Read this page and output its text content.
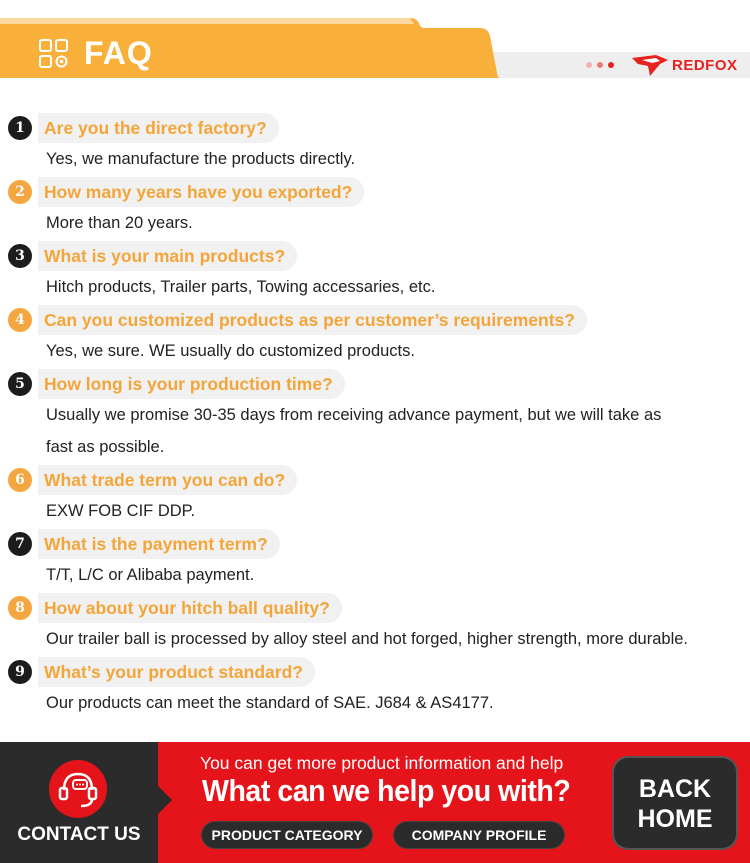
FAQ	REDFOX
1	Are you the direct factory?
Yes, we manufacture the products directly.
2	How many years have you exported?
More than 20 years.
3	What is your main products?
Hitch products, Trailer parts, Towing accessaries, etc.
4	Can you customized products as per customer’s requirements?
Yes, we sure. WE usually do customized products.
5	How long is your production time?
Usually we promise 30-35 days from receiving advance payment, but we will take as
fast as possible.
6	What trade term you can do?
EXW FOB CIF DDP.
7	What is the payment term?
T/T, L/C or Alibaba payment.
8	How about your hitch ball quality?
Our trailer ball is processed by alloy steel and hot forged, higher strength, more durable.
9	What’s your product standard?
Our products can meet the standard of SAE. J684 & AS4177.
CONTACT US
You can get more product information and help
What can we help you with?
PRODUCT CATEGORY	COMPANY PROFILE
BACK
HOME
